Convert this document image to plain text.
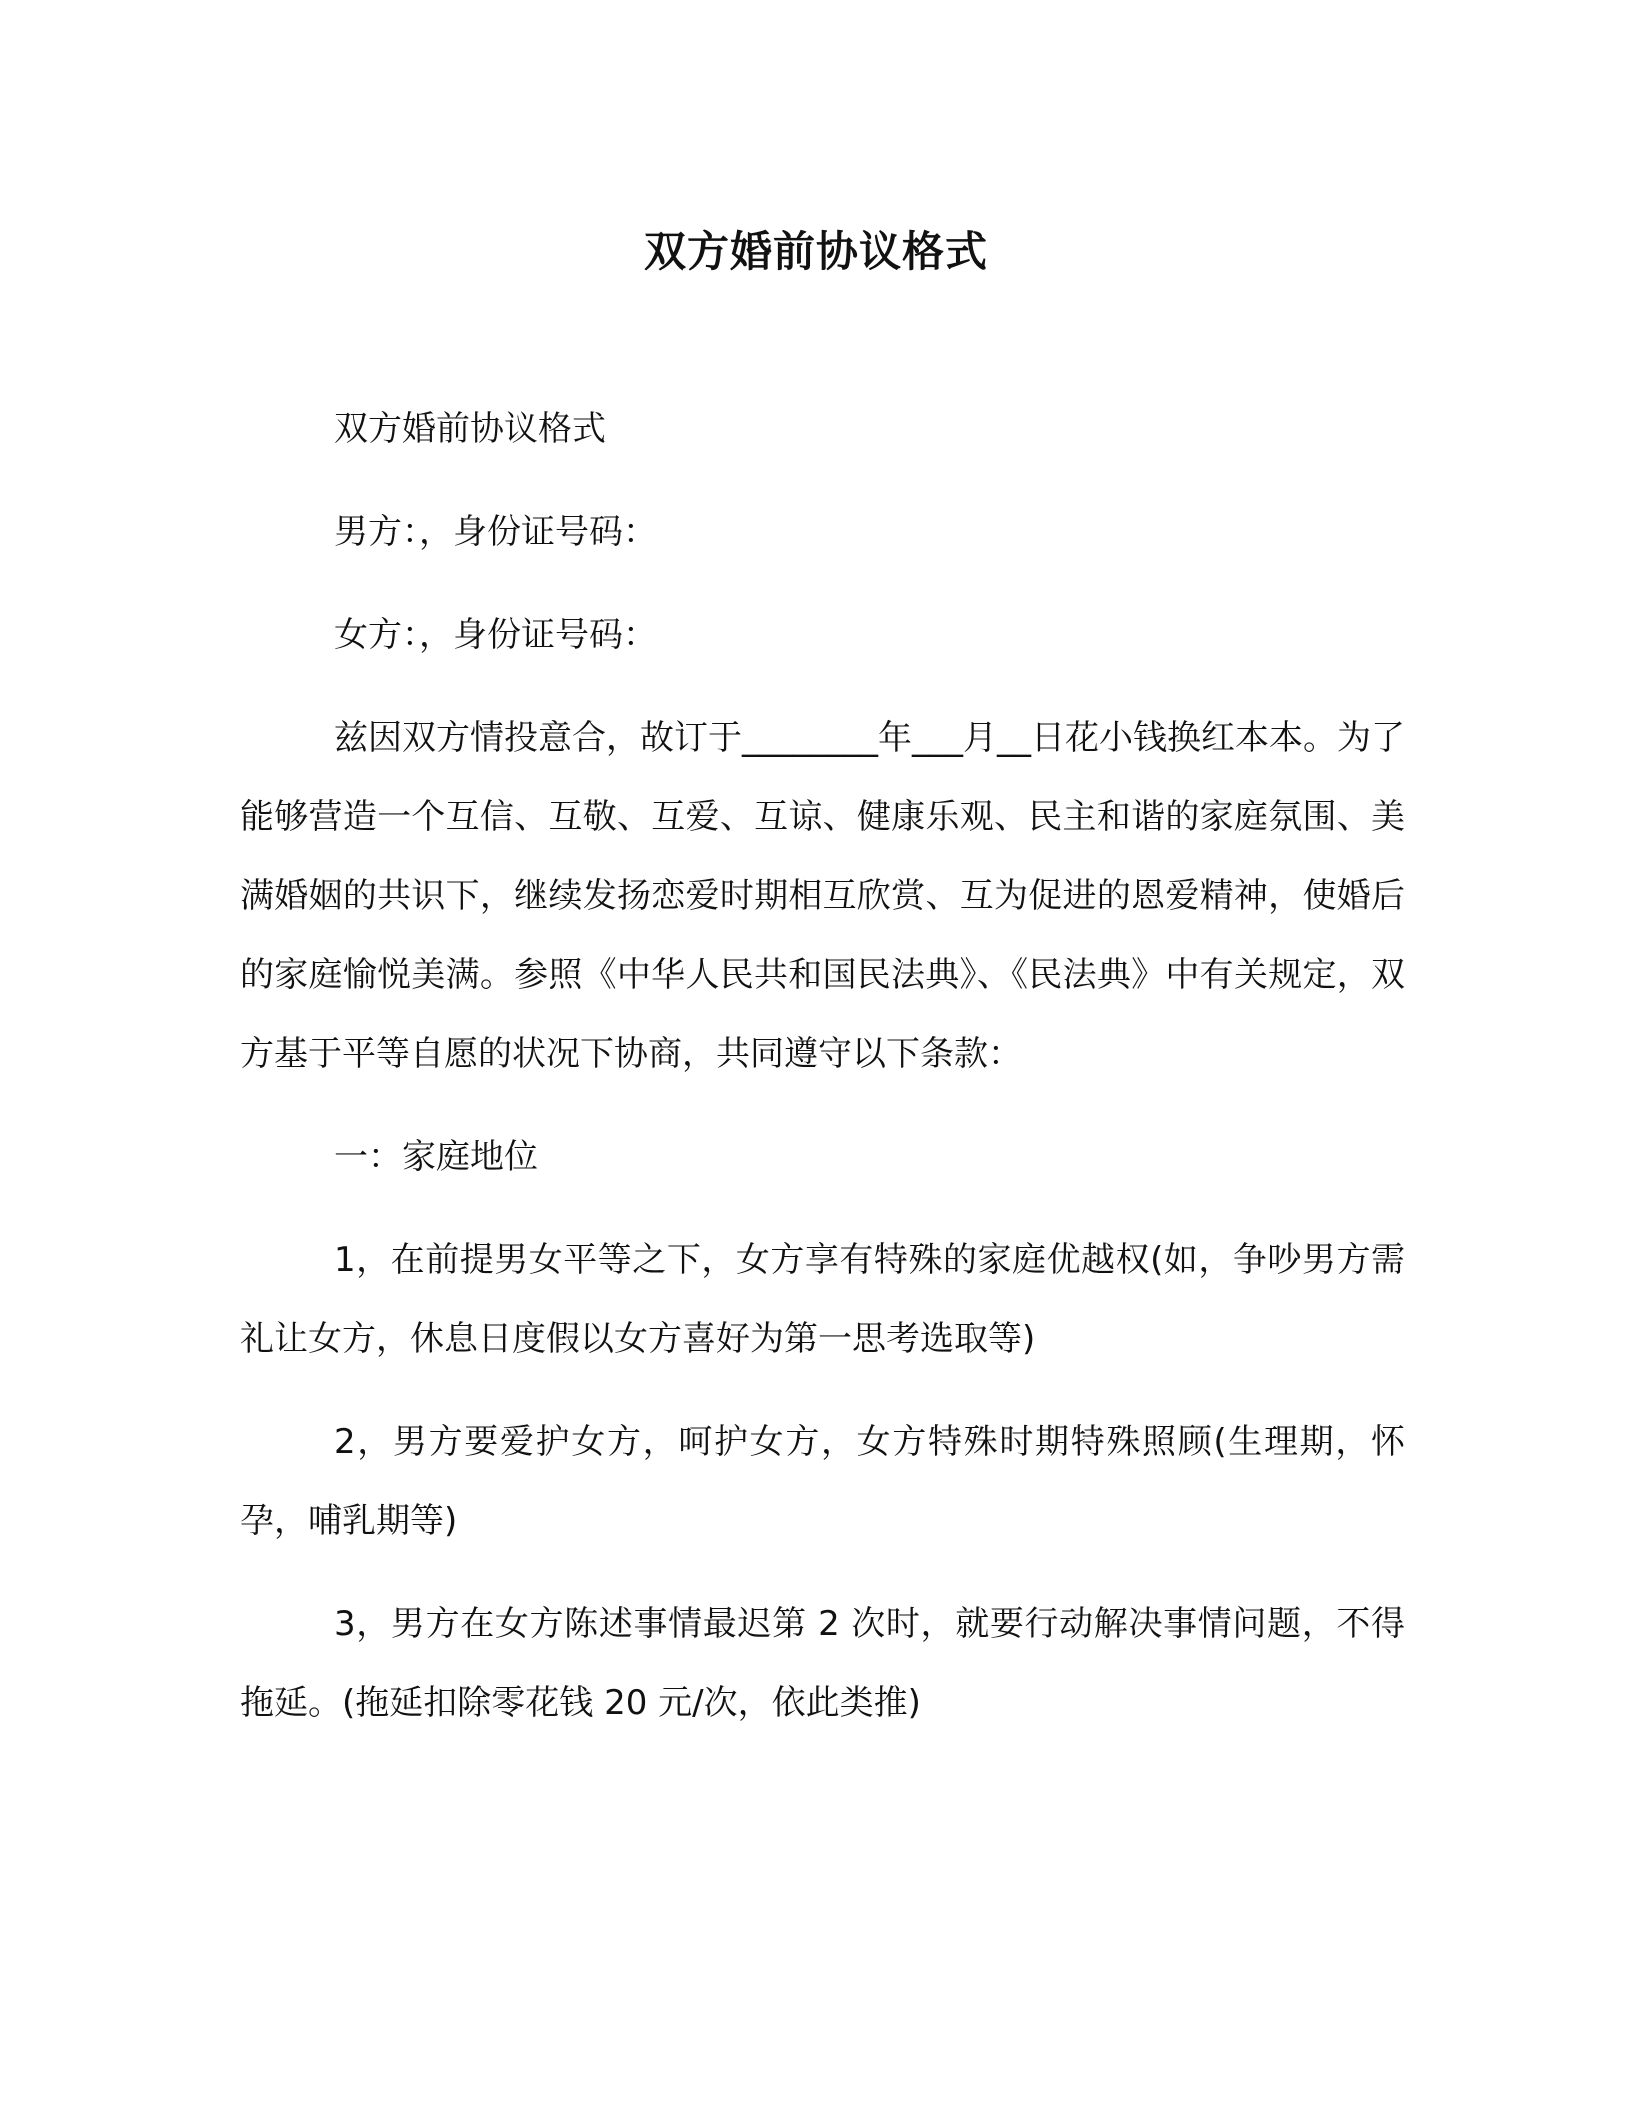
双方婚前协议格式

双方婚前协议格式

男方：，身份证号码：

女方：，身份证号码：

兹因双方情投意合，故订于________年___月__日花小钱换红本本。为了能够营造一个互信、互敬、互爱、互谅、健康乐观、民主和谐的家庭氛围、美满婚姻的共识下，继续发扬恋爱时期相互欣赏、互为促进的恩爱精神，使婚后的家庭愉悦美满。参照《中华人民共和国民法典》、《民法典》中有关规定，双方基于平等自愿的状况下协商，共同遵守以下条款：

一：家庭地位

1，在前提男女平等之下，女方享有特殊的家庭优越权(如，争吵男方需礼让女方，休息日度假以女方喜好为第一思考选取等)

2，男方要爱护女方，呵护女方，女方特殊时期特殊照顾(生理期，怀孕，哺乳期等)

3，男方在女方陈述事情最迟第 2 次时，就要行动解决事情问题，不得拖延。(拖延扣除零花钱 20 元/次，依此类推)
